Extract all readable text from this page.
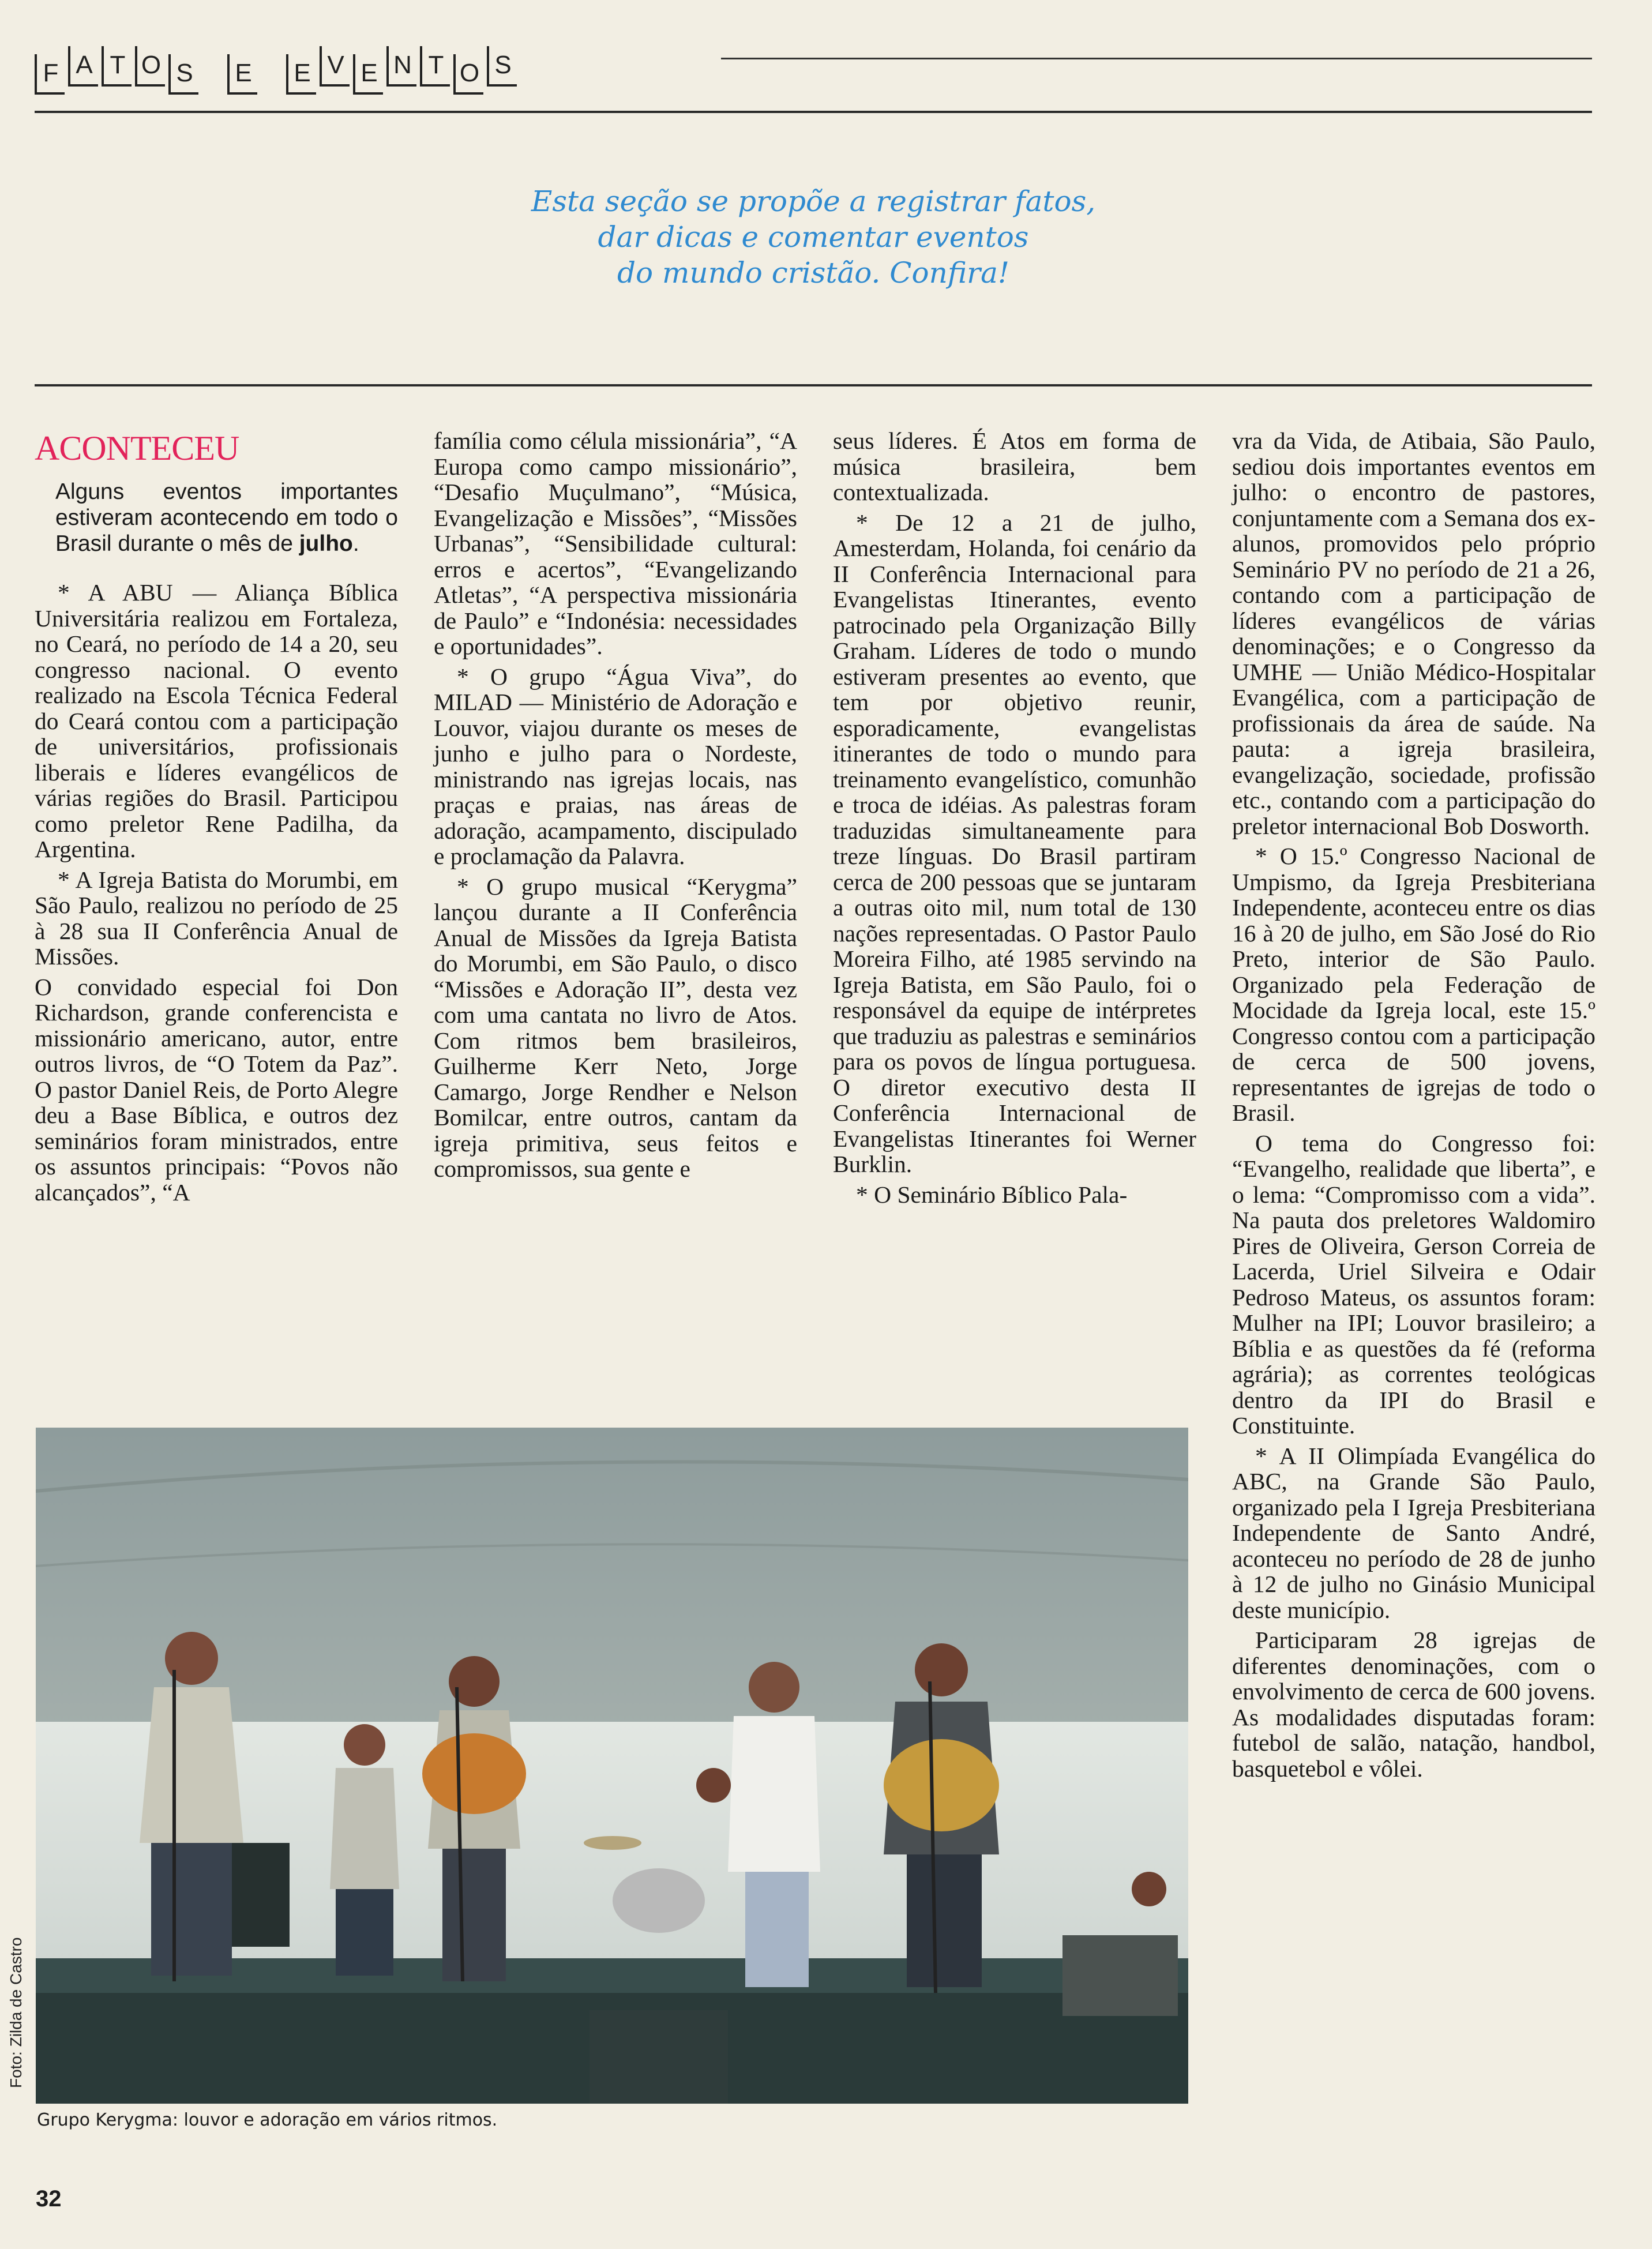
F A T O S	E	E V E N T O S
Esta seção se propõe a registrar fatos,
dar dicas e comentar eventos
do mundo cristão. Confira!
ACONTECEU

Alguns eventos importantes estiveram acontecendo em todo o Brasil durante o mês de julho.

* A ABU — Aliança Bíblica Universitária realizou em Fortaleza, no Ceará, no período de 14 a 20, seu congresso nacional. O evento realizado na Escola Técnica Federal do Ceará contou com a participação de universitários, profissionais liberais e líderes evangélicos de várias regiões do Brasil. Participou como preletor Rene Padilha, da Argentina.

* A Igreja Batista do Morumbi, em São Paulo, realizou no período de 25 à 28 sua II Conferência Anual de Missões.

O convidado especial foi Don Richardson, grande conferencista e missionário americano, autor, entre outros livros, de “O Totem da Paz”. O pastor Daniel Reis, de Porto Alegre deu a Base Bíblica, e outros dez seminários foram ministrados, entre os assuntos principais: “Povos não alcançados”, “A

família como célula missionária”, “A Europa como campo missionário”, “Desafio Muçulmano”, “Música, Evangelização e Missões”, “Missões Urbanas”, “Sensibilidade cultural: erros e acertos”, “Evangelizando Atletas”, “A perspectiva missionária de Paulo” e “Indonésia: necessidades e oportunidades”.

* O grupo “Água Viva”, do MILAD — Ministério de Adoração e Louvor, viajou durante os meses de junho e julho para o Nordeste, ministrando nas igrejas locais, nas praças e praias, nas áreas de adoração, acampamento, discipulado e proclamação da Palavra.

* O grupo musical “Kerygma” lançou durante a II Conferência Anual de Missões da Igreja Batista do Morumbi, em São Paulo, o disco “Missões e Adoração II”, desta vez com uma cantata no livro de Atos. Com ritmos bem brasileiros, Guilherme Kerr Neto, Jorge Camargo, Jorge Rendher e Nelson Bomilcar, entre outros, cantam da igreja primitiva, seus feitos e compromissos, sua gente e

seus líderes. É Atos em forma de música brasileira, bem contextualizada.

* De 12 a 21 de julho, Amesterdam, Holanda, foi cenário da II Conferência Internacional para Evangelistas Itinerantes, evento patrocinado pela Organização Billy Graham. Líderes de todo o mundo estiveram presentes ao evento, que tem por objetivo reunir, esporadicamente, evangelistas itinerantes de todo o mundo para treinamento evangelístico, comunhão e troca de idéias. As palestras foram traduzidas simultaneamente para treze línguas. Do Brasil partiram cerca de 200 pessoas que se juntaram a outras oito mil, num total de 130 nações representadas. O Pastor Paulo Moreira Filho, até 1985 servindo na Igreja Batista, em São Paulo, foi o responsável da equipe de intérpretes que traduziu as palestras e seminários para os povos de língua portuguesa. O diretor executivo desta II Conferência Internacional de Evangelistas Itinerantes foi Werner Burklin.

* O Seminário Bíblico Pala-

vra da Vida, de Atibaia, São Paulo, sediou dois importantes eventos em julho: o encontro de pastores, conjuntamente com a Semana dos ex-alunos, promovidos pelo próprio Seminário PV no período de 21 a 26, contando com a participação de líderes evangélicos de várias denominações; e o Congresso da UMHE — União Médico-Hospitalar Evangélica, com a participação de profissionais da área de saúde. Na pauta: a igreja brasileira, evangelização, sociedade, profissão etc., contando com a participação do preletor internacional Bob Dosworth.

* O 15.º Congresso Nacional de Umpismo, da Igreja Presbiteriana Independente, aconteceu entre os dias 16 à 20 de julho, em São José do Rio Preto, interior de São Paulo. Organizado pela Federação de Mocidade da Igreja local, este 15.º Congresso contou com a participação de cerca de 500 jovens, representantes de igrejas de todo o Brasil.

O tema do Congresso foi: “Evangelho, realidade que liberta”, e o lema: “Compromisso com a vida”. Na pauta dos preletores Waldomiro Pires de Oliveira, Gerson Correia de Lacerda, Uriel Silveira e Odair Pedroso Mateus, os assuntos foram: Mulher na IPI; Louvor brasileiro; a Bíblia e as questões da fé (reforma agrária); as correntes teológicas dentro da IPI do Brasil e Constituinte.

* A II Olimpíada Evangélica do ABC, na Grande São Paulo, organizado pela I Igreja Presbiteriana Independente de Santo André, aconteceu no período de 28 de junho à 12 de julho no Ginásio Municipal deste município.

Participaram 28 igrejas de diferentes denominações, com o envolvimento de cerca de 600 jovens. As modalidades disputadas foram: futebol de salão, natação, handbol, basquetebol e vôlei.

Foto: Zilda de Castro
Grupo Kerygma: louvor e adoração em vários ritmos.
32
